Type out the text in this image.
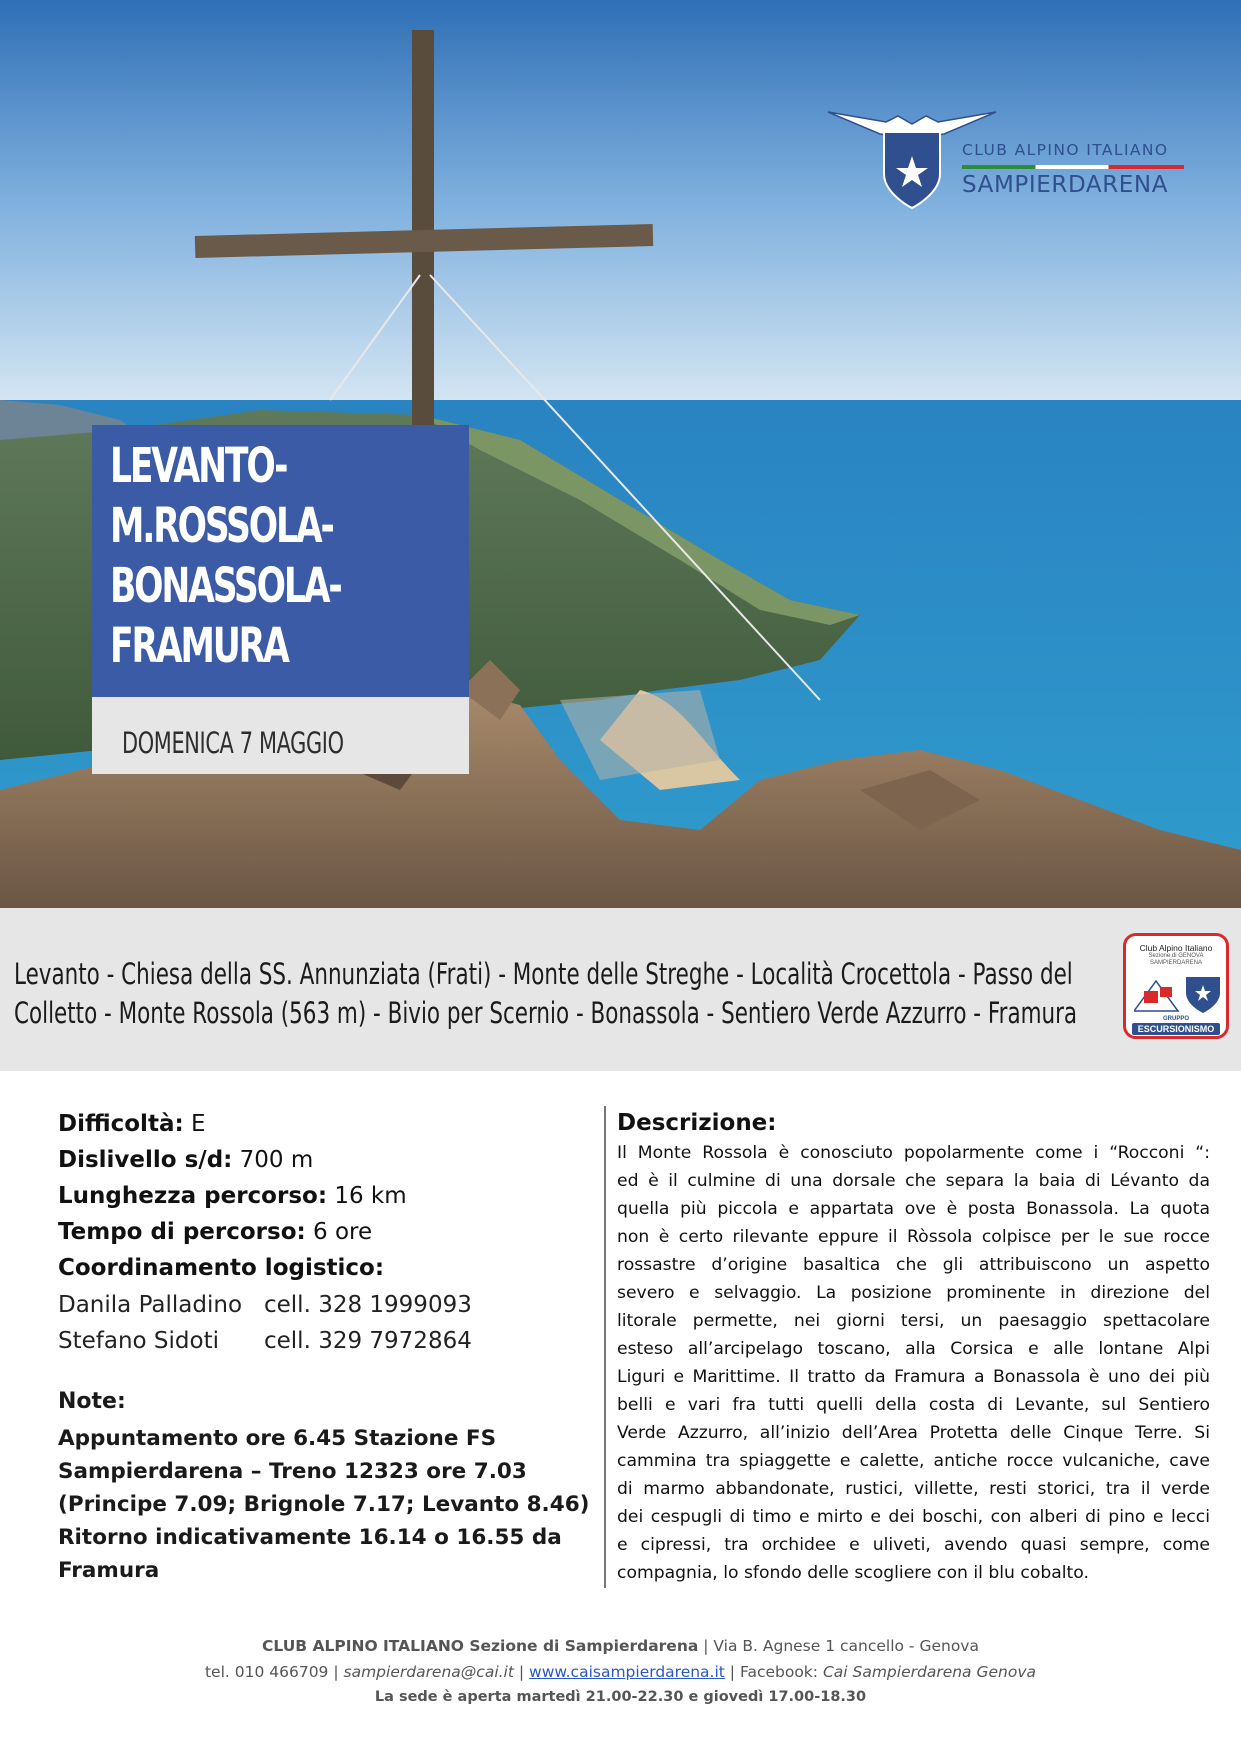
CLUB ALPINO ITALIANO
SAMPIERDARENA
LEVANTO-
M.ROSSOLA-
BONASSOLA-
FRAMURA
DOMENICA 7 MAGGIO
Levanto - Chiesa della SS. Annunziata (Frati) - Monte delle Streghe - Località Crocettola - Passo del
Colletto - Monte Rossola (563 m) - Bivio per Scernio - Bonassola - Sentiero Verde Azzurro - Framura
Club Alpino Italiano
Sezione di GENOVA
SAMPIERDARENA
GRUPPO
ESCURSIONISMO
Difficoltà: E
Dislivello s/d: 700 m
Lunghezza percorso: 16 km
Tempo di percorso: 6 ore
Coordinamento logistico:
Danila Palladino cell. 328 1999093
Stefano Sidoti cell. 329 7972864
Note:
Appuntamento ore 6.45 Stazione FS
Sampierdarena – Treno 12323 ore 7.03
(Principe 7.09; Brignole 7.17; Levanto 8.46)
Ritorno indicativamente 16.14 o 16.55 da
Framura
Descrizione:
Il Monte Rossola è conosciuto popolarmente come i “Rocconi “:
ed è il culmine di una dorsale che separa la baia di Lévanto da
quella più piccola e appartata ove è posta Bonassola. La quota
non è certo rilevante eppure il Ròssola colpisce per le sue rocce
rossastre d’origine basaltica che gli attribuiscono un aspetto
severo e selvaggio. La posizione prominente in direzione del
litorale permette, nei giorni tersi, un paesaggio spettacolare
esteso all’arcipelago toscano, alla Corsica e alle lontane Alpi
Liguri e Marittime. Il tratto da Framura a Bonassola è uno dei più
belli e vari fra tutti quelli della costa di Levante, sul Sentiero
Verde Azzurro, all’inizio dell’Area Protetta delle Cinque Terre. Si
cammina tra spiaggette e calette, antiche rocce vulcaniche, cave
di marmo abbandonate, rustici, villette, resti storici, tra il verde
dei cespugli di timo e mirto e dei boschi, con alberi di pino e lecci
e cipressi, tra orchidee e uliveti, avendo quasi sempre, come
compagnia, lo sfondo delle scogliere con il blu cobalto.
CLUB ALPINO ITALIANO Sezione di Sampierdarena | Via B. Agnese 1 cancello - Genova
tel. 010 466709 | sampierdarena@cai.it | www.caisampierdarena.it | Facebook: Cai Sampierdarena Genova
La sede è aperta martedì 21.00-22.30 e giovedì 17.00-18.30
